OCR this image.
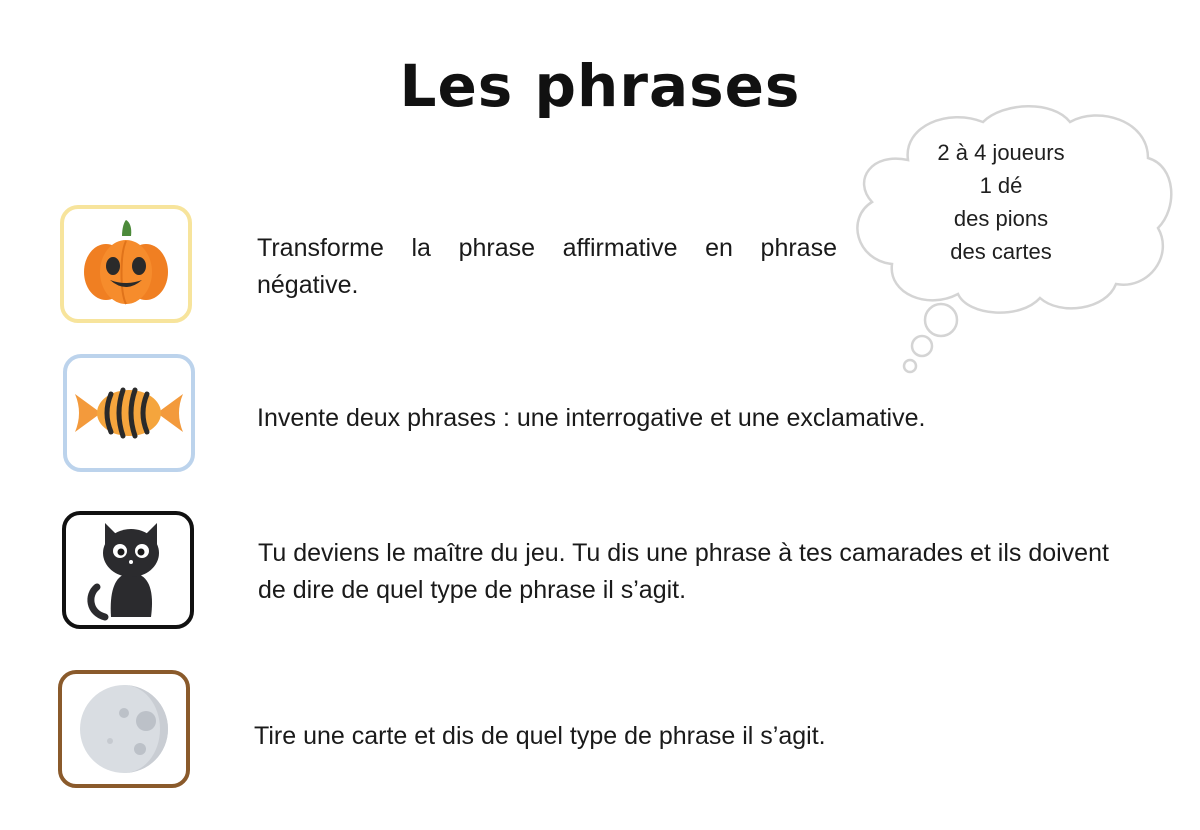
Les phrases
2 à 4 joueurs
1 dé
des pions
des cartes
Transforme la phrase affirmative en phrase négative.
Invente deux phrases : une interrogative et une exclamative.
Tu deviens le maître du jeu. Tu dis une phrase à tes camarades et ils doivent de dire de quel type de phrase il s’agit.
Tire une carte et dis de quel type de phrase il s’agit.
